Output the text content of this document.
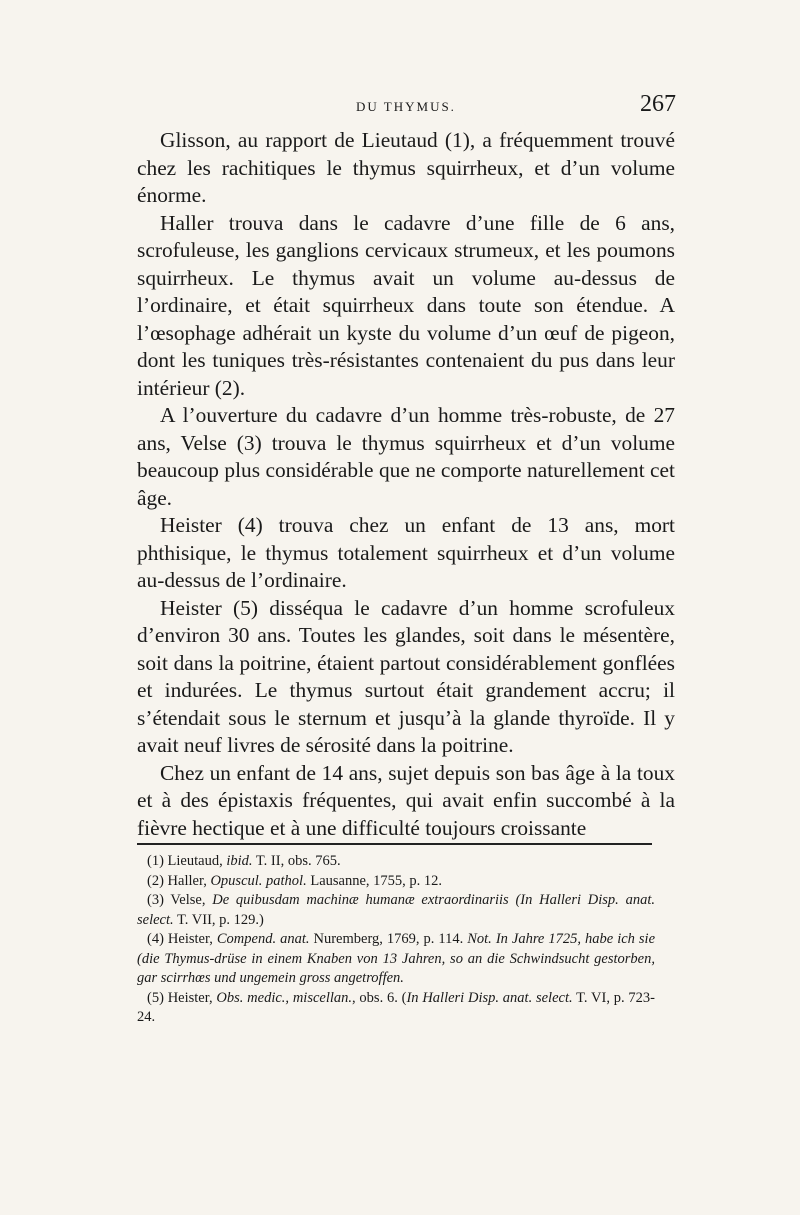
DU THYMUS.	267

Glisson, au rapport de Lieutaud (1), a fréquemment trouvé chez les rachitiques le thymus squirrheux, et d’un volume énorme.

Haller trouva dans le cadavre d’une fille de 6 ans, scrofuleuse, les ganglions cervicaux strumeux, et les poumons squirrheux. Le thymus avait un volume au-dessus de l’ordinaire, et était squirrheux dans toute son étendue. A l’œsophage adhérait un kyste du volume d’un œuf de pigeon, dont les tuniques très-résistantes contenaient du pus dans leur intérieur (2).

A l’ouverture du cadavre d’un homme très-robuste, de 27 ans, Velse (3) trouva le thymus squirrheux et d’un volume beaucoup plus considérable que ne comporte naturellement cet âge.

Heister (4) trouva chez un enfant de 13 ans, mort phthisique, le thymus totalement squirrheux et d’un volume au-dessus de l’ordinaire.

Heister (5) disséqua le cadavre d’un homme scrofuleux d’environ 30 ans. Toutes les glandes, soit dans le mésentère, soit dans la poitrine, étaient partout considérablement gonflées et indurées. Le thymus surtout était grandement accru; il s’étendait sous le sternum et jusqu’à la glande thyroïde. Il y avait neuf livres de sérosité dans la poitrine.

Chez un enfant de 14 ans, sujet depuis son bas âge à la toux et à des épistaxis fréquentes, qui avait enfin succombé à la fièvre hectique et à une difficulté toujours croissante

(1) Lieutaud, ibid. T. II, obs. 765.

(2) Haller, Opuscul. pathol. Lausanne, 1755, p. 12.

(3) Velse, De quibusdam machinæ humanæ extraordinariis (In Halleri Disp. anat. select. T. VII, p. 129.)

(4) Heister, Compend. anat. Nuremberg, 1769, p. 114. Not. In Jahre 1725, habe ich sie (die Thymus-drüse in einem Knaben von 13 Jahren, so an die Schwindsucht gestorben, gar scirrhœs und ungemein gross angetroffen.

(5) Heister, Obs. medic., miscellan., obs. 6. (In Halleri Disp. anat. select. T. VI, p. 723-24.
